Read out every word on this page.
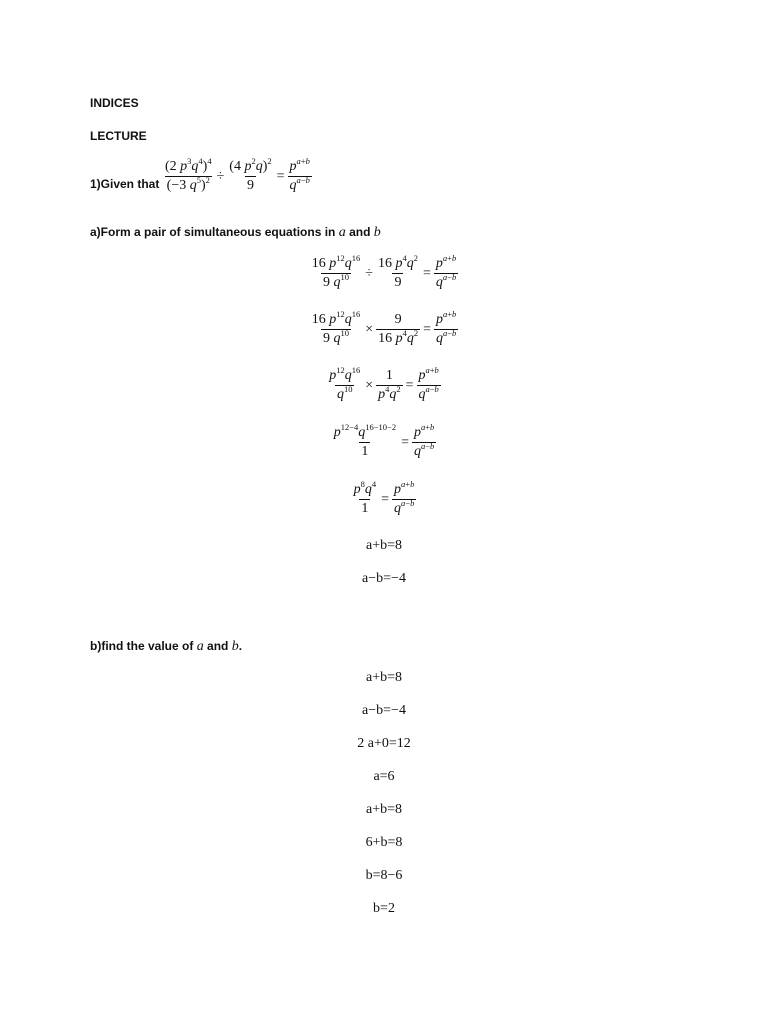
INDICES
LECTURE
1)Given that $\frac{(2 p^3q^4)^4}{(-3 q^5)^2} \div \frac{(4 p^2q)^2}{9} = \frac{p^{a+b}}{q^{a-b}}$
a)Form a pair of simultaneous equations in a and b
$\frac{16 p^{12}q^{16}}{9 q^{10}} \div \frac{16 p^4q^2}{9} = \frac{p^{a+b}}{q^{a-b}}$
$\frac{16 p^{12}q^{16}}{9 q^{10}} \times \frac{9}{16 p^4q^2} = \frac{p^{a+b}}{q^{a-b}}$
$\frac{p^{12}q^{16}}{q^{10}} \times \frac{1}{p^4q^2} = \frac{p^{a+b}}{q^{a-b}}$
$\frac{p^{12-4}q^{16-10-2}}{1} = \frac{p^{a+b}}{q^{a-b}}$
$\frac{p^8q^4}{1} = \frac{p^{a+b}}{q^{a-b}}$
a+b=8
a−b=−4
b)find the value of a and b.
a+b=8
a−b=−4
2 a+0=12
a=6
a+b=8
6+b=8
b=8−6
b=2
